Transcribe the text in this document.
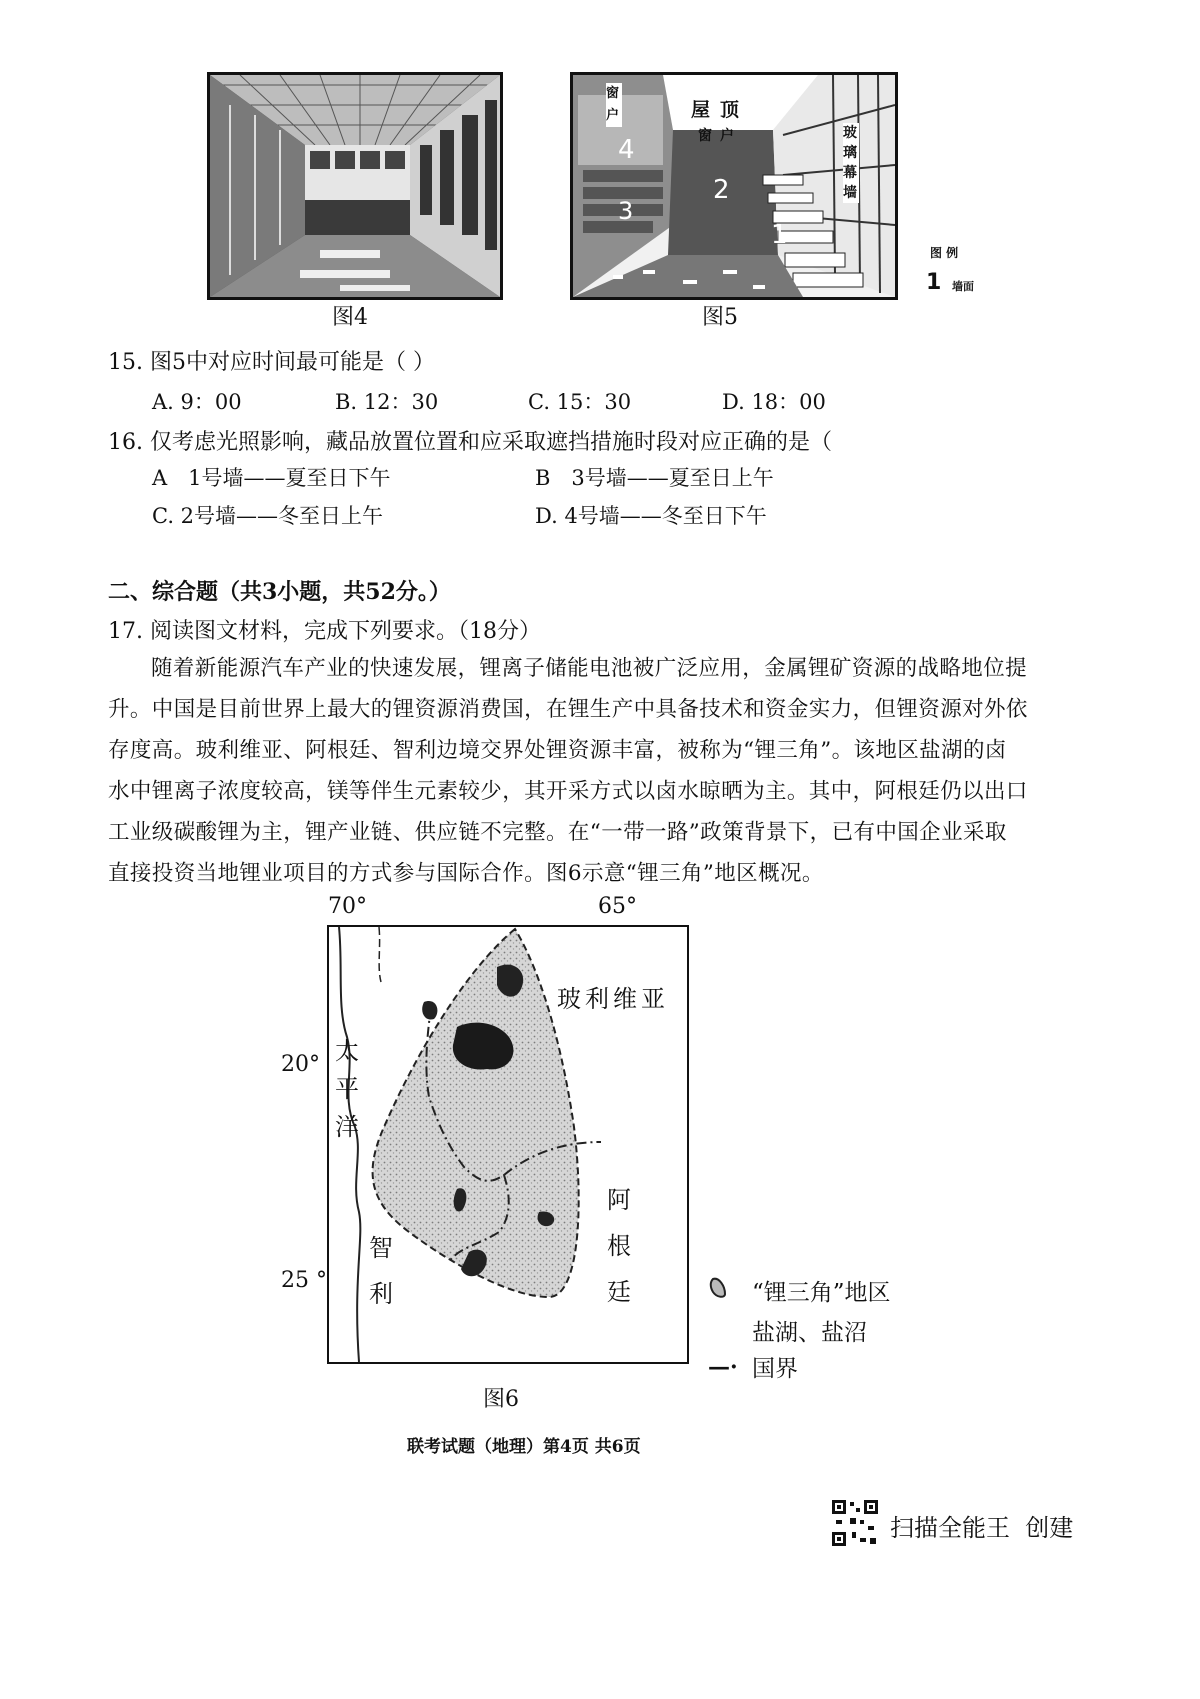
图4
屋顶
窗户
窗户
玻璃幕墙
4
3
2
1
图5
图 例
1 墙面
15. 图5中对应时间最可能是（ ）
A. 9：00	B. 12：30	C. 15：30	D. 18：00
16. 仅考虑光照影响，藏品放置位置和应采取遮挡措施时段对应正确的是（
A　1号墙——夏至日下午	B　3号墙——夏至日上午
C. 2号墙——冬至日上午	D. 4号墙——冬至日下午
二、综合题（共3小题，共52分。）
17. 阅读图文材料，完成下列要求。（18分）
随着新能源汽车产业的快速发展，锂离子储能电池被广泛应用，金属锂矿资源的战略地位提
升。中国是目前世界上最大的锂资源消费国，在锂生产中具备技术和资金实力，但锂资源对外依
存度高。玻利维亚、阿根廷、智利边境交界处锂资源丰富，被称为“锂三角”。该地区盐湖的卤
水中锂离子浓度较高，镁等伴生元素较少，其开采方式以卤水晾晒为主。其中，阿根廷仍以出口
工业级碳酸锂为主，锂产业链、供应链不完整。在“一带一路”政策背景下，已有中国企业采取
直接投资当地锂业项目的方式参与国际合作。图6示意“锂三角”地区概况。
70°	65°
20°
25 °
玻利维亚
太平洋
阿根廷
智利	“锂三角”地区
盐湖、盐沼
—· 国界
图6
联考试题（地理）第4页 共6页
扫描全能王  创建
